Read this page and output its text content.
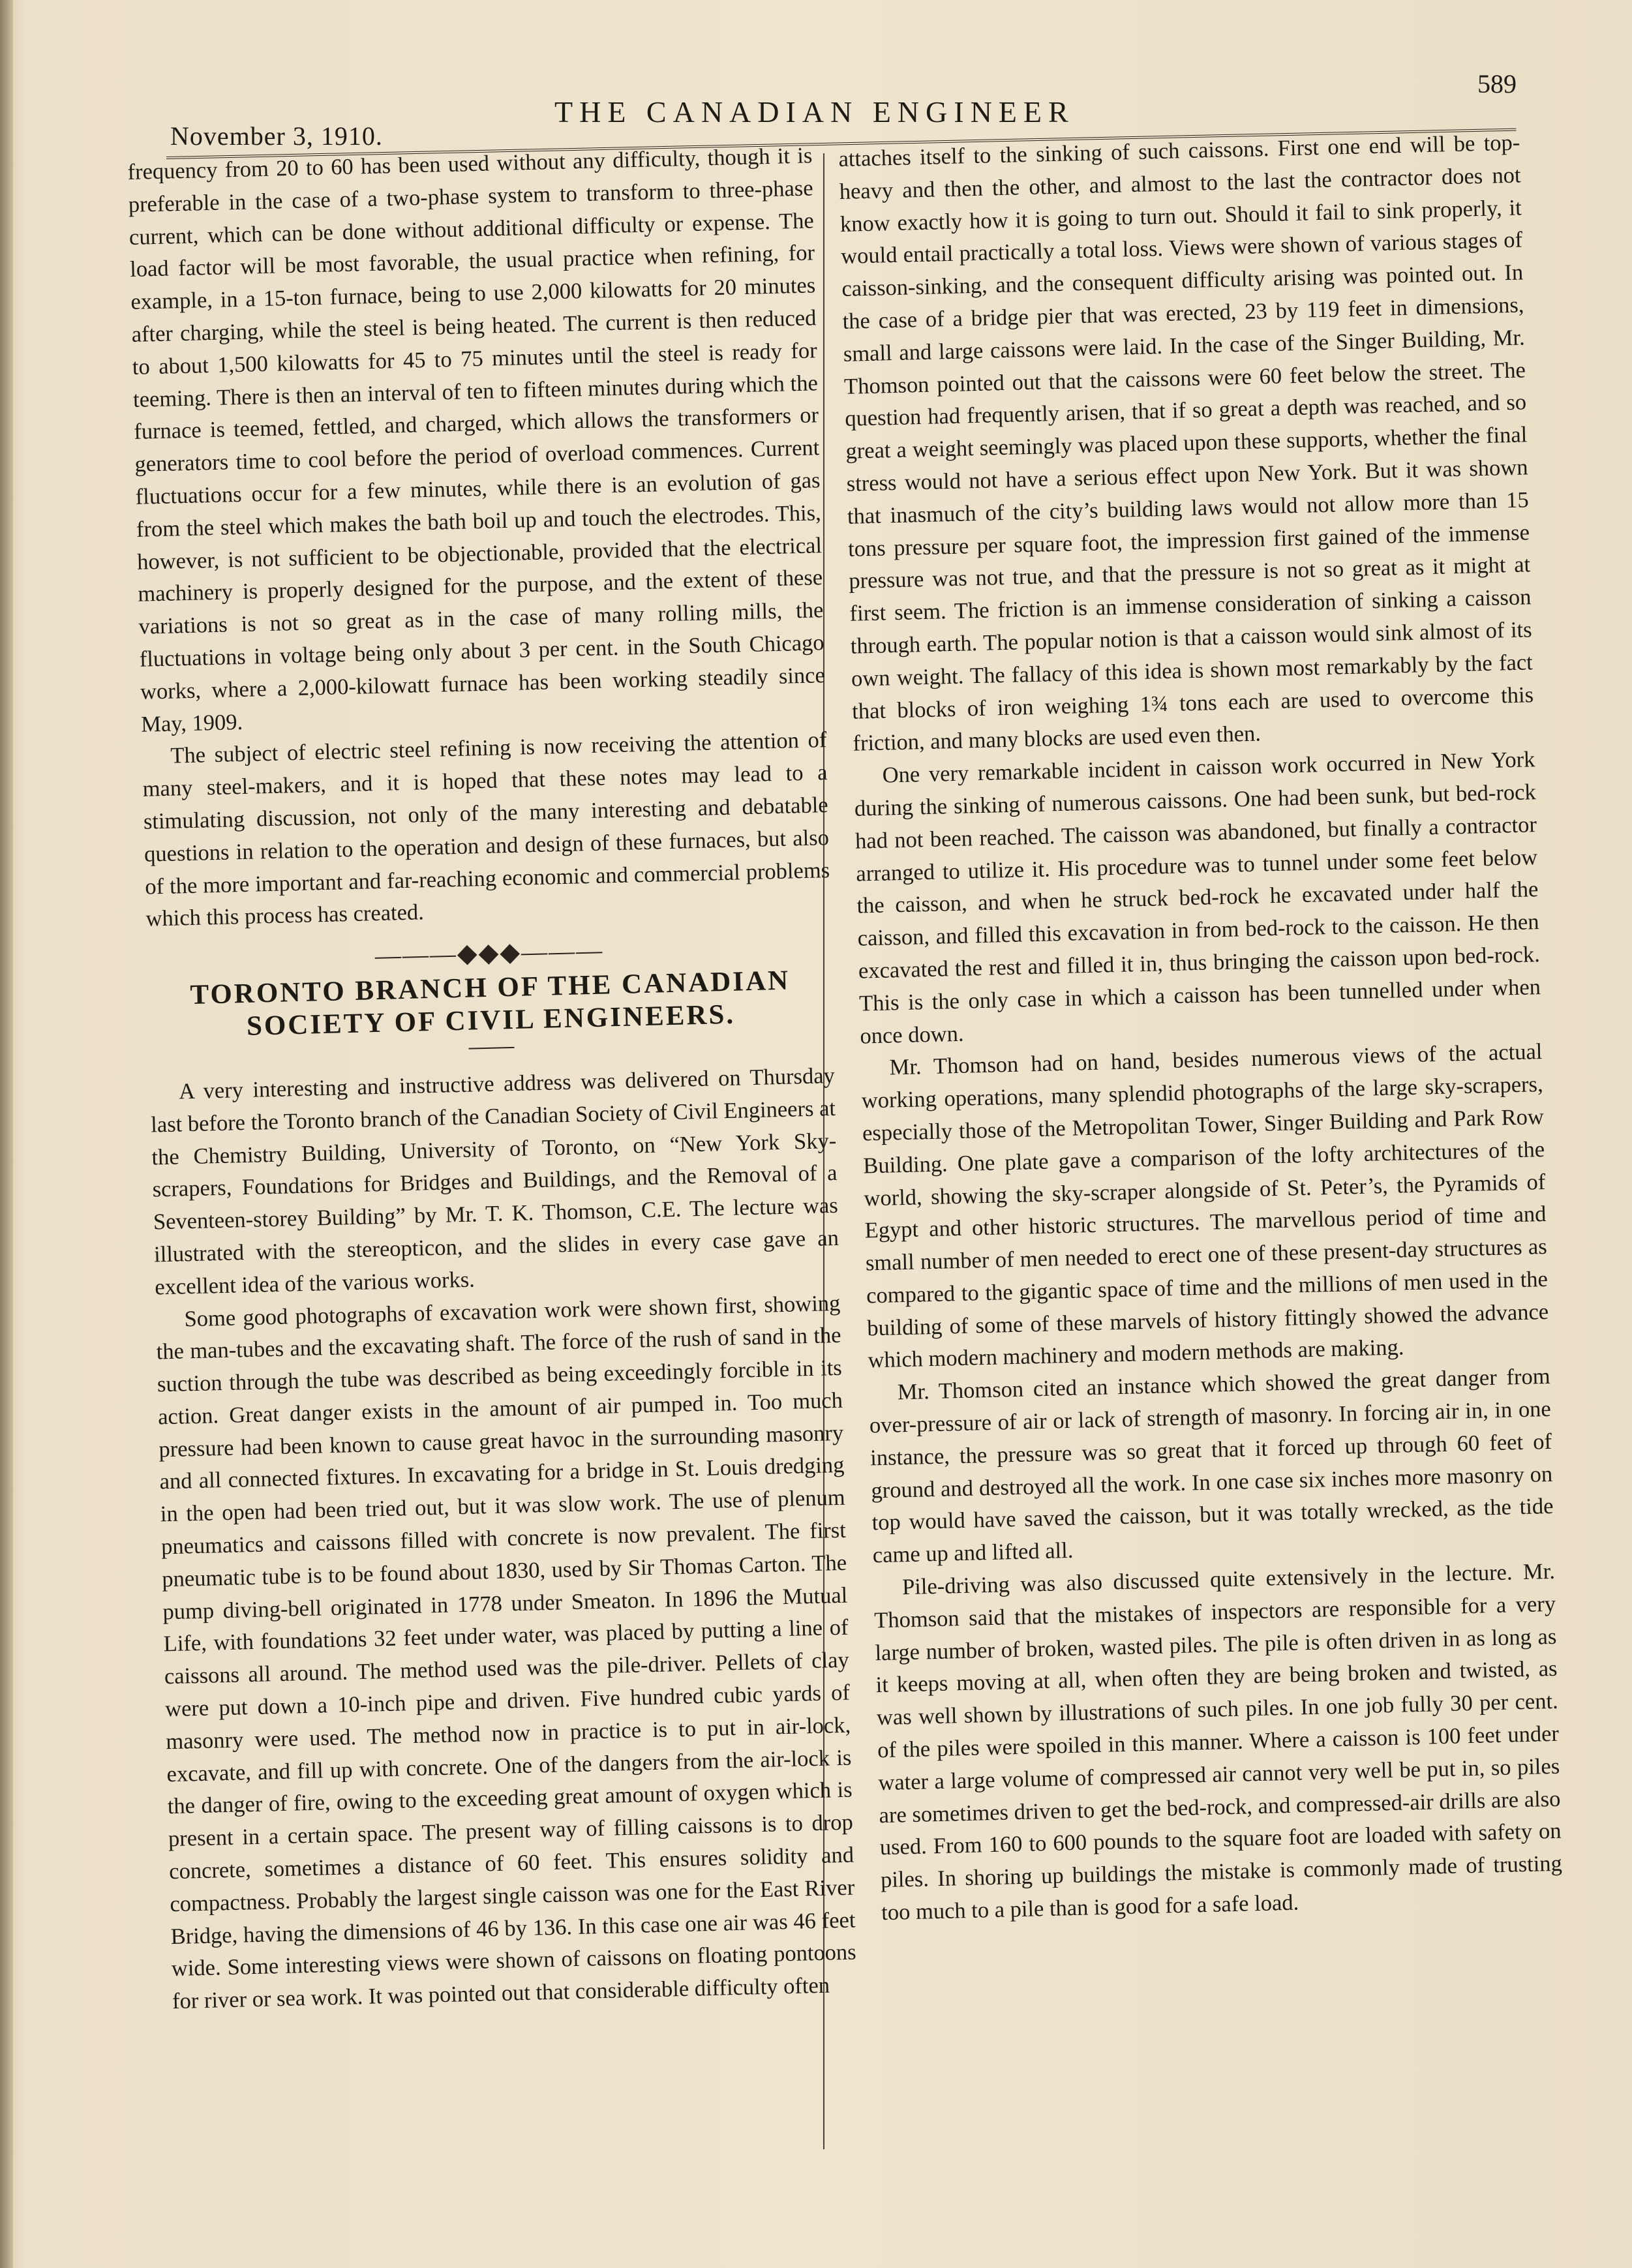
November 3, 1910.
THE CANADIAN ENGINEER
589

frequency from 20 to 60 has been used without any difficulty, though it is preferable in the case of a two-phase system to transform to three-phase current, which can be done without additional difficulty or expense. The load factor will be most favorable, the usual practice when refining, for example, in a 15-ton furnace, being to use 2,000 kilowatts for 20 minutes after charging, while the steel is being heated. The current is then reduced to about 1,500 kilowatts for 45 to 75 minutes until the steel is ready for teeming. There is then an interval of ten to fifteen minutes during which the furnace is teemed, fettled, and charged, which allows the transformers or generators time to cool before the period of overload commences. Current fluctuations occur for a few minutes, while there is an evolution of gas from the steel which makes the bath boil up and touch the electrodes. This, however, is not sufficient to be objectionable, provided that the electrical machinery is properly designed for the purpose, and the extent of these variations is not so great as in the case of many rolling mills, the fluctuations in voltage being only about 3 per cent. in the South Chicago works, where a 2,000-kilowatt furnace has been working steadily since May, 1909.

The subject of electric steel refining is now receiving the attention of many steel-makers, and it is hoped that these notes may lead to a stimulating discussion, not only of the many interesting and debatable questions in relation to the operation and design of these furnaces, but also of the more important and far-reaching economic and commercial problems which this process has created.

———◆◆◆———
TORONTO BRANCH OF THE CANADIAN
SOCIETY OF CIVIL ENGINEERS.

A very interesting and instructive address was delivered on Thursday last before the Toronto branch of the Canadian Society of Civil Engineers at the Chemistry Building, University of Toronto, on “New York Sky-scrapers, Foundations for Bridges and Buildings, and the Removal of a Seventeen-storey Building” by Mr. T. K. Thomson, C.E. The lecture was illustrated with the stereopticon, and the slides in every case gave an excellent idea of the various works.

Some good photographs of excavation work were shown first, showing the man-tubes and the excavating shaft. The force of the rush of sand in the suction through the tube was described as being exceedingly forcible in its action. Great danger exists in the amount of air pumped in. Too much pressure had been known to cause great havoc in the surrounding masonry and all connected fixtures. In excavating for a bridge in St. Louis dredging in the open had been tried out, but it was slow work. The use of plenum pneumatics and caissons filled with concrete is now prevalent. The first pneumatic tube is to be found about 1830, used by Sir Thomas Carton. The pump diving-bell originated in 1778 under Smeaton. In 1896 the Mutual Life, with foundations 32 feet under water, was placed by putting a line of caissons all around. The method used was the pile-driver. Pellets of clay were put down a 10-inch pipe and driven. Five hundred cubic yards of masonry were used. The method now in practice is to put in air-lock, excavate, and fill up with concrete. One of the dangers from the air-lock is the danger of fire, owing to the exceeding great amount of oxygen which is present in a certain space. The present way of filling caissons is to drop concrete, sometimes a distance of 60 feet. This ensures solidity and compactness. Probably the largest single caisson was one for the East River Bridge, having the dimensions of 46 by 136. In this case one air was 46 feet wide. Some interesting views were shown of caissons on floating pontoons for river or sea work. It was pointed out that considerable difficulty often

attaches itself to the sinking of such caissons. First one end will be top-heavy and then the other, and almost to the last the contractor does not know exactly how it is going to turn out. Should it fail to sink properly, it would entail practically a total loss. Views were shown of various stages of caisson-sinking, and the consequent difficulty arising was pointed out. In the case of a bridge pier that was erected, 23 by 119 feet in dimensions, small and large caissons were laid. In the case of the Singer Building, Mr. Thomson pointed out that the caissons were 60 feet below the street. The question had frequently arisen, that if so great a depth was reached, and so great a weight seemingly was placed upon these supports, whether the final stress would not have a serious effect upon New York. But it was shown that inasmuch of the city’s building laws would not allow more than 15 tons pressure per square foot, the impression first gained of the immense pressure was not true, and that the pressure is not so great as it might at first seem. The friction is an immense consideration of sinking a caisson through earth. The popular notion is that a caisson would sink almost of its own weight. The fallacy of this idea is shown most remarkably by the fact that blocks of iron weighing 1¾ tons each are used to overcome this friction, and many blocks are used even then.

One very remarkable incident in caisson work occurred in New York during the sinking of numerous caissons. One had been sunk, but bed-rock had not been reached. The caisson was abandoned, but finally a contractor arranged to utilize it. His procedure was to tunnel under some feet below the caisson, and when he struck bed-rock he excavated under half the caisson, and filled this excavation in from bed-rock to the caisson. He then excavated the rest and filled it in, thus bringing the caisson upon bed-rock. This is the only case in which a caisson has been tunnelled under when once down.

Mr. Thomson had on hand, besides numerous views of the actual working operations, many splendid photographs of the large sky-scrapers, especially those of the Metropolitan Tower, Singer Building and Park Row Building. One plate gave a comparison of the lofty architectures of the world, showing the sky-scraper alongside of St. Peter’s, the Pyramids of Egypt and other historic structures. The marvellous period of time and small number of men needed to erect one of these present-day structures as compared to the gigantic space of time and the millions of men used in the building of some of these marvels of history fittingly showed the advance which modern machinery and modern methods are making.

Mr. Thomson cited an instance which showed the great danger from over-pressure of air or lack of strength of masonry. In forcing air in, in one instance, the pressure was so great that it forced up through 60 feet of ground and destroyed all the work. In one case six inches more masonry on top would have saved the caisson, but it was totally wrecked, as the tide came up and lifted all.

Pile-driving was also discussed quite extensively in the lecture. Mr. Thomson said that the mistakes of inspectors are responsible for a very large number of broken, wasted piles. The pile is often driven in as long as it keeps moving at all, when often they are being broken and twisted, as was well shown by illustrations of such piles. In one job fully 30 per cent. of the piles were spoiled in this manner. Where a caisson is 100 feet under water a large volume of compressed air cannot very well be put in, so piles are sometimes driven to get the bed-rock, and compressed-air drills are also used. From 160 to 600 pounds to the square foot are loaded with safety on piles. In shoring up buildings the mistake is commonly made of trusting too much to a pile than is good for a safe load.
